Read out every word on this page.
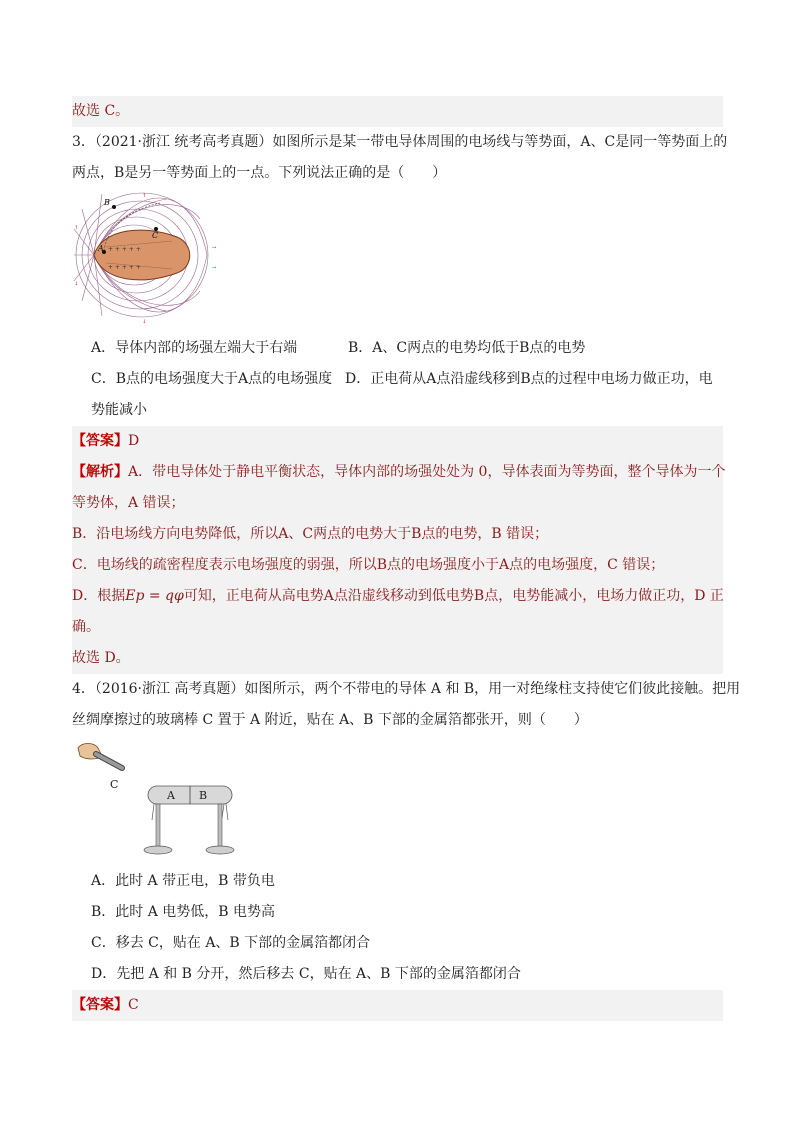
故选 C。
3．（2021·浙江 统考高考真题）如图所示是某一带电导体周围的电场线与等势面，A、C是同一等势面上的
两点，B是另一等势面上的一点。下列说法正确的是（　　）
↑
↓
→
→
↑
↓
+ + + + +
+ + + + +
A
B
C
A．导体内部的场强左端大于右端	B．A、C两点的电势均低于B点的电势
C．B点的电场强度大于A点的电场强度 D．正电荷从A点沿虚线移到B点的过程中电场力做正功，电
势能减小
【答案】D
【解析】A．带电导体处于静电平衡状态，导体内部的场强处处为 0，导体表面为等势面，整个导体为一个
等势体，A 错误；
B．沿电场线方向电势降低，所以A、C两点的电势大于B点的电势，B 错误；
C．电场线的疏密程度表示电场强度的弱强，所以B点的电场强度小于A点的电场强度，C 错误；
D．根据Ep = qφ可知，正电荷从高电势A点沿虚线移动到低电势B点，电势能减小，电场力做正功，D 正
确。
故选 D。
4．（2016·浙江 高考真题）如图所示，两个不带电的导体 A 和 B，用一对绝缘柱支持使它们彼此接触。把用
丝绸摩擦过的玻璃棒 C 置于 A 附近，贴在 A、B 下部的金属箔都张开，则（　　）
C
A B
A．此时 A 带正电，B 带负电
B．此时 A 电势低，B 电势高
C．移去 C，贴在 A、B 下部的金属箔都闭合
D．先把 A 和 B 分开，然后移去 C，贴在 A、B 下部的金属箔都闭合
【答案】C
